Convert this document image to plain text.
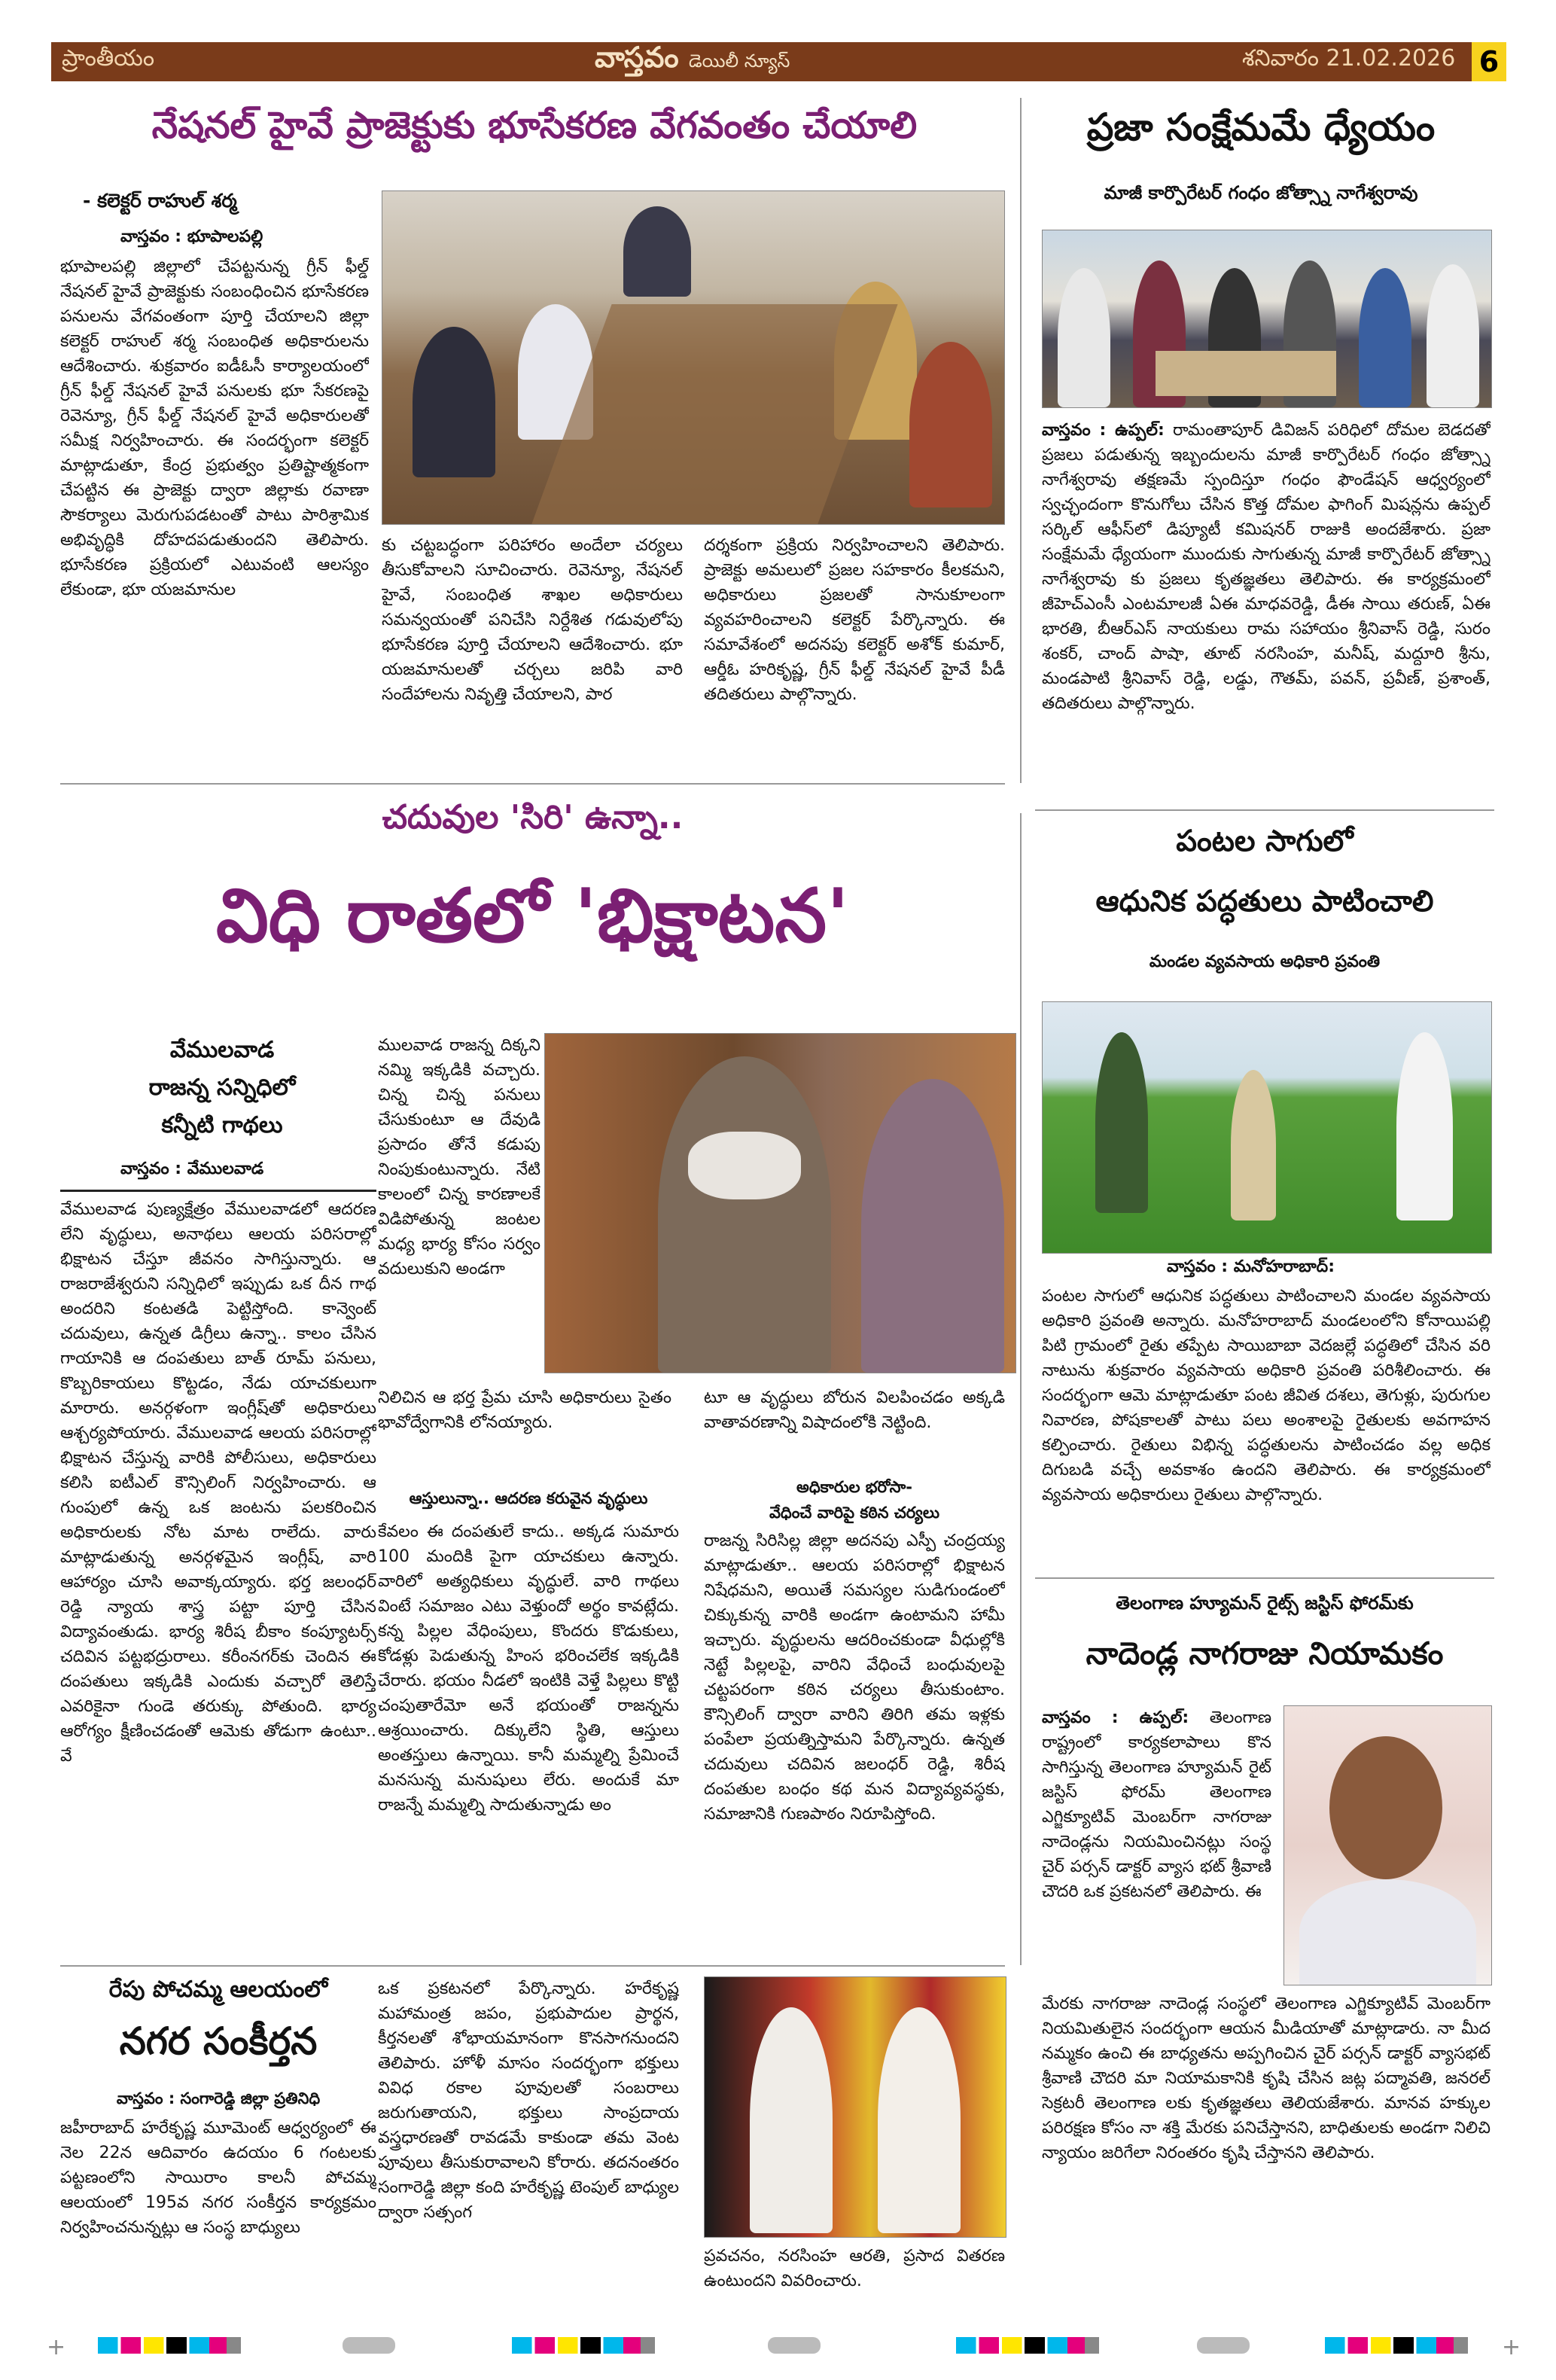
ప్రాంతీయం	వాస్తవం డెయిలీ న్యూస్	శనివారం 21.02.2026 6
నేషనల్ హైవే ప్రాజెక్టుకు భూసేకరణ వేగవంతం చేయాలి
- కలెక్టర్ రాహుల్ శర్మ
వాస్తవం : భూపాలపల్లి
భూపాలపల్లి జిల్లాలో చేపట్టనున్న గ్రీన్ ఫీల్డ్ నేషనల్ హైవే ప్రాజెక్టుకు సంబంధించిన భూసేకరణ పనులను వేగవంతంగా పూర్తి చేయాలని జిల్లా కలెక్టర్ రాహుల్ శర్మ సంబంధిత అధికారులను ఆదేశించారు. శుక్రవారం ఐడీఓసీ కార్యాలయంలో గ్రీన్ ఫీల్డ్ నేషనల్ హైవే పనులకు భూ సేకరణపై రెవెన్యూ, గ్రీన్ ఫీల్డ్ నేషనల్ హైవే అధికారులతో సమీక్ష నిర్వహించారు. ఈ సందర్భంగా కలెక్టర్ మాట్లాడుతూ, కేంద్ర ప్రభుత్వం ప్రతిష్టాత్మకంగా చేపట్టిన ఈ ప్రాజెక్టు ద్వారా జిల్లాకు రవాణా సౌకర్యాలు మెరుగుపడటంతో పాటు పారిశ్రామిక అభివృద్ధికి దోహదపడుతుందని తెలిపారు. భూసేకరణ ప్రక్రియలో ఎటువంటి ఆలస్యం లేకుండా, భూ యజమానుల
కు చట్టబద్ధంగా పరిహారం అందేలా చర్యలు తీసుకోవాలని సూచించారు. రెవెన్యూ, నేషనల్ హైవే, సంబంధిత శాఖల అధికారులు సమన్వయంతో పనిచేసి నిర్దేశిత గడువులోపు భూసేకరణ పూర్తి చేయాలని ఆదేశించారు. భూ యజమానులతో చర్చలు జరిపి వారి సందేహాలను నివృత్తి చేయాలని, పార
దర్శకంగా ప్రక్రియ నిర్వహించాలని తెలిపారు. ప్రాజెక్టు అమలులో ప్రజల సహకారం కీలకమని, అధికారులు ప్రజలతో సానుకూలంగా వ్యవహరించాలని కలెక్టర్ పేర్కొన్నారు. ఈ సమావేశంలో అదనపు కలెక్టర్ అశోక్ కుమార్, ఆర్డీఓ హరికృష్ణ, గ్రీన్ ఫీల్డ్ నేషనల్ హైవే పీడీ తదితరులు పాల్గొన్నారు.
ప్రజా సంక్షేమమే ధ్యేయం
మాజీ కార్పొరేటర్ గంధం జోత్స్నా నాగేశ్వరావు
వాస్తవం : ఉప్పల్: రామంతాపూర్ డివిజన్ పరిధిలో దోమల బెడదతో ప్రజలు పడుతున్న ఇబ్బందులను మాజీ కార్పొరేటర్ గంధం జోత్స్నా నాగేశ్వరావు తక్షణమే స్పందిస్తూ గంధం ఫౌండేషన్ ఆధ్వర్యంలో స్వచ్ఛందంగా కొనుగోలు చేసిన కొత్త దోమల ఫాగింగ్ మిషన్లను ఉప్పల్ సర్కిల్ ఆఫీస్‌లో డిప్యూటీ కమిషనర్ రాజుకి అందజేశారు. ప్రజా సంక్షేమమే ధ్యేయంగా ముందుకు సాగుతున్న మాజీ కార్పొరేటర్ జోత్స్నా నాగేశ్వరావు కు ప్రజలు కృతజ్ఞతలు తెలిపారు. ఈ కార్యక్రమంలో జీహెచ్ఎంసీ ఎంటమాలజీ ఏఈ మాధవరెడ్డి, డీఈ సాయి తరుణ్, ఏఈ భారతి, బీఆర్ఎస్ నాయకులు రామ సహాయం శ్రీనివాస్ రెడ్డి, సురం శంకర్, చాంద్ పాషా, తూట్ నరసింహ, మనీష్, మద్దూరి శ్రీను, మండపాటి శ్రీనివాస్ రెడ్డి, లడ్డు, గౌతమ్, పవన్, ప్రవీణ్, ప్రశాంత్, తదితరులు పాల్గొన్నారు.
చదువుల 'సిరి' ఉన్నా..
విధి రాతలో 'భిక్షాటన'
వేములవాడ
రాజన్న సన్నిధిలో
కన్నీటి గాథలు
వాస్తవం : వేములవాడ
వేములవాడ పుణ్యక్షేత్రం వేములవాడలో ఆదరణ లేని వృద్ధులు, అనాథలు ఆలయ పరిసరాల్లో భిక్షాటన చేస్తూ జీవనం సాగిస్తున్నారు. ఆ రాజరాజేశ్వరుని సన్నిధిలో ఇప్పుడు ఒక దీన గాథ అందరిని కంటతడి పెట్టిస్తోంది. కాన్వెంట్ చదువులు, ఉన్నత డిగ్రీలు ఉన్నా.. కాలం చేసిన గాయానికి ఆ దంపతులు బాత్ రూమ్ పనులు, కొబ్బరికాయలు కొట్టడం, నేడు యాచకులుగా మారారు. అనర్గళంగా ఇంగ్లీష్‌తో అధికారులు ఆశ్చర్యపోయారు. వేములవాడ ఆలయ పరిసరాల్లో భిక్షాటన చేస్తున్న వారికి పోలీసులు, అధికారులు కలిసి ఐటీఎల్ కౌన్సిలింగ్ నిర్వహించారు. ఆ గుంపులో ఉన్న ఒక జంటను పలకరించిన అధికారులకు నోట మాట రాలేదు. వారు మాట్లాడుతున్న అనర్గళమైన ఇంగ్లీష్, వారి ఆహార్యం చూసి అవాక్కయ్యారు. భర్త జలంధర్ రెడ్డి న్యాయ శాస్త్ర పట్టా పూర్తి చేసిన విద్యావంతుడు. భార్య శిరీష బీకాం కంప్యూటర్స్ చదివిన పట్టభద్రురాలు. కరీంనగర్‌కు చెందిన ఈ దంపతులు ఇక్కడికి ఎందుకు వచ్చారో తెలిస్తే ఎవరికైనా గుండె తరుక్కు పోతుంది. భార్య ఆరోగ్యం క్షీణించడంతో ఆమెకు తోడుగా ఉంటూ.. వే
ములవాడ రాజన్న దిక్కని నమ్మి ఇక్కడికి వచ్చారు. చిన్న చిన్న పనులు చేసుకుంటూ ఆ దేవుడి ప్రసాదం తోనే కడుపు నింపుకుంటున్నారు. నేటి కాలంలో చిన్న కారణాలకే విడిపోతున్న జంటల మధ్య భార్య కోసం సర్వం వదులుకుని అండగా
నిలిచిన ఆ భర్త ప్రేమ చూసి అధికారులు సైతం భావోద్వేగానికి లోనయ్యారు.
ఆస్తులున్నా.. ఆదరణ కరువైన వృద్ధులు
కేవలం ఈ దంపతులే కాదు.. అక్కడ సుమారు 100 మందికి పైగా యాచకులు ఉన్నారు. వారిలో అత్యధికులు వృద్ధులే. వారి గాథలు వింటే సమాజం ఎటు వెళ్తుందో అర్థం కావట్లేదు. కన్న పిల్లల వేధింపులు, కొందరు కొడుకులు, కోడళ్లు పెడుతున్న హింస భరించలేక ఇక్కడికి చేరారు. భయం నీడలో ఇంటికి వెళ్తే పిల్లలు కొట్టి చంపుతారేమో అనే భయంతో రాజన్నను ఆశ్రయించారు. దిక్కులేని స్థితి, ఆస్తులు అంతస్తులు ఉన్నాయి. కానీ మమ్మల్ని ప్రేమించే మనసున్న మనుషులు లేరు. అందుకే మా రాజన్నే మమ్మల్ని సాదుతున్నాడు అం
టూ ఆ వృద్ధులు బోరున విలపించడం అక్కడి వాతావరణాన్ని విషాదంలోకి నెట్టింది.
అధికారుల భరోసా-
వేధించే వారిపై కఠిన చర్యలు
రాజన్న సిరిసిల్ల జిల్లా అదనపు ఎస్పీ చంద్రయ్య మాట్లాడుతూ.. ఆలయ పరిసరాల్లో భిక్షాటన నిషేధమని, అయితే సమస్యల సుడిగుండంలో చిక్కుకున్న వారికి అండగా ఉంటామని హామీ ఇచ్చారు. వృద్ధులను ఆదరించకుండా వీధుల్లోకి నెట్టే పిల్లలపై, వారిని వేధించే బంధువులపై చట్టపరంగా కఠిన చర్యలు తీసుకుంటాం. కౌన్సిలింగ్ ద్వారా వారిని తిరిగి తమ ఇళ్లకు పంపేలా ప్రయత్నిస్తామని పేర్కొన్నారు. ఉన్నత చదువులు చదివిన జలంధర్ రెడ్డి, శిరీష దంపతుల బంధం కథ మన విద్యావ్యవస్థకు, సమాజానికి గుణపాఠం నిరూపిస్తోంది.
పంటల సాగులో
ఆధునిక పద్ధతులు పాటించాలి
మండల వ్యవసాయ అధికారి ప్రవంతి
వాస్తవం : మనోహరాబాద్:
పంటల సాగులో ఆధునిక పద్ధతులు పాటించాలని మండల వ్యవసాయ అధికారి ప్రవంతి అన్నారు. మనోహరాబాద్ మండలంలోని కోనాయిపల్లి పిటి గ్రామంలో రైతు తప్పేట సాయిబాబా వెదజల్లే పద్ధతిలో చేసిన వరి నాటును శుక్రవారం వ్యవసాయ అధికారి ప్రవంతి పరిశీలించారు. ఈ సందర్భంగా ఆమె మాట్లాడుతూ పంట జీవిత దశలు, తెగుళ్లు, పురుగుల నివారణ, పోషకాలతో పాటు పలు అంశాలపై రైతులకు అవగాహన కల్పించారు. రైతులు విభిన్న పద్ధతులను పాటించడం వల్ల అధిక దిగుబడి వచ్చే అవకాశం ఉందని తెలిపారు. ఈ కార్యక్రమంలో వ్యవసాయ అధికారులు రైతులు పాల్గొన్నారు.
తెలంగాణ హ్యూమన్ రైట్స్ జస్టిస్ ఫోరమ్‌కు
నాదెండ్ల నాగరాజు నియామకం
వాస్తవం : ఉప్పల్: తెలంగాణ రాష్ట్రంలో కార్యకలాపాలు కొన సాగిస్తున్న తెలంగాణ హ్యూమన్ రైట్ జస్టిస్ ఫోరమ్ తెలంగాణ ఎగ్జిక్యూటివ్ మెంబర్‌గా నాగరాజు నాదెండ్లను నియమించినట్లు సంస్థ చైర్ పర్సన్ డాక్టర్ వ్యాస భట్ శ్రీవాణి చౌదరి ఒక ప్రకటనలో తెలిపారు. ఈ
మేరకు నాగరాజు నాదెండ్ల సంస్థలో తెలంగాణ ఎగ్జిక్యూటివ్ మెంబర్‌గా నియమితులైన సందర్భంగా ఆయన మీడియాతో మాట్లాడారు. నా మీద నమ్మకం ఉంచి ఈ బాధ్యతను అప్పగించిన చైర్ పర్సన్ డాక్టర్ వ్యాసభట్ శ్రీవాణి చౌదరి మా నియామకానికి కృషి చేసిన జట్ల పద్మావతి, జనరల్ సెక్రటరీ తెలంగాణ లకు కృతజ్ఞతలు తెలియజేశారు. మానవ హక్కుల పరిరక్షణ కోసం నా శక్తి మేరకు పనిచేస్తానని, బాధితులకు అండగా నిలిచి న్యాయం జరిగేలా నిరంతరం కృషి చేస్తానని తెలిపారు.
రేపు పోచమ్మ ఆలయంలో
నగర సంకీర్తన
వాస్తవం : సంగారెడ్డి జిల్లా ప్రతినిధి
జహీరాబాద్ హరేకృష్ణ మూమెంట్ ఆధ్వర్యంలో ఈ నెల 22న ఆదివారం ఉదయం 6 గంటలకు పట్టణంలోని సాయిరాం కాలనీ పోచమ్మ ఆలయంలో 195వ నగర సంకీర్తన కార్యక్రమం నిర్వహించనున్నట్లు ఆ సంస్థ బాధ్యులు
ఒక ప్రకటనలో పేర్కొన్నారు. హరేకృష్ణ మహామంత్ర జపం, ప్రభుపాదుల ప్రార్థన, కీర్తనలతో శోభాయమానంగా కొనసాగనుందని తెలిపారు. హోళీ మాసం సందర్భంగా భక్తులు వివిధ రకాల పూవులతో సంబరాలు జరుగుతాయని, భక్తులు సాంప్రదాయ వస్త్రధారణతో రావడమే కాకుండా తమ వెంట పూవులు తీసుకురావాలని కోరారు. తదనంతరం సంగారెడ్డి జిల్లా కంది హరేకృష్ణ టెంపుల్ బాధ్యుల ద్వారా సత్సంగ
ప్రవచనం, నరసింహ ఆరతి, ప్రసాద వితరణ ఉంటుందని వివరించారు.
+	+
